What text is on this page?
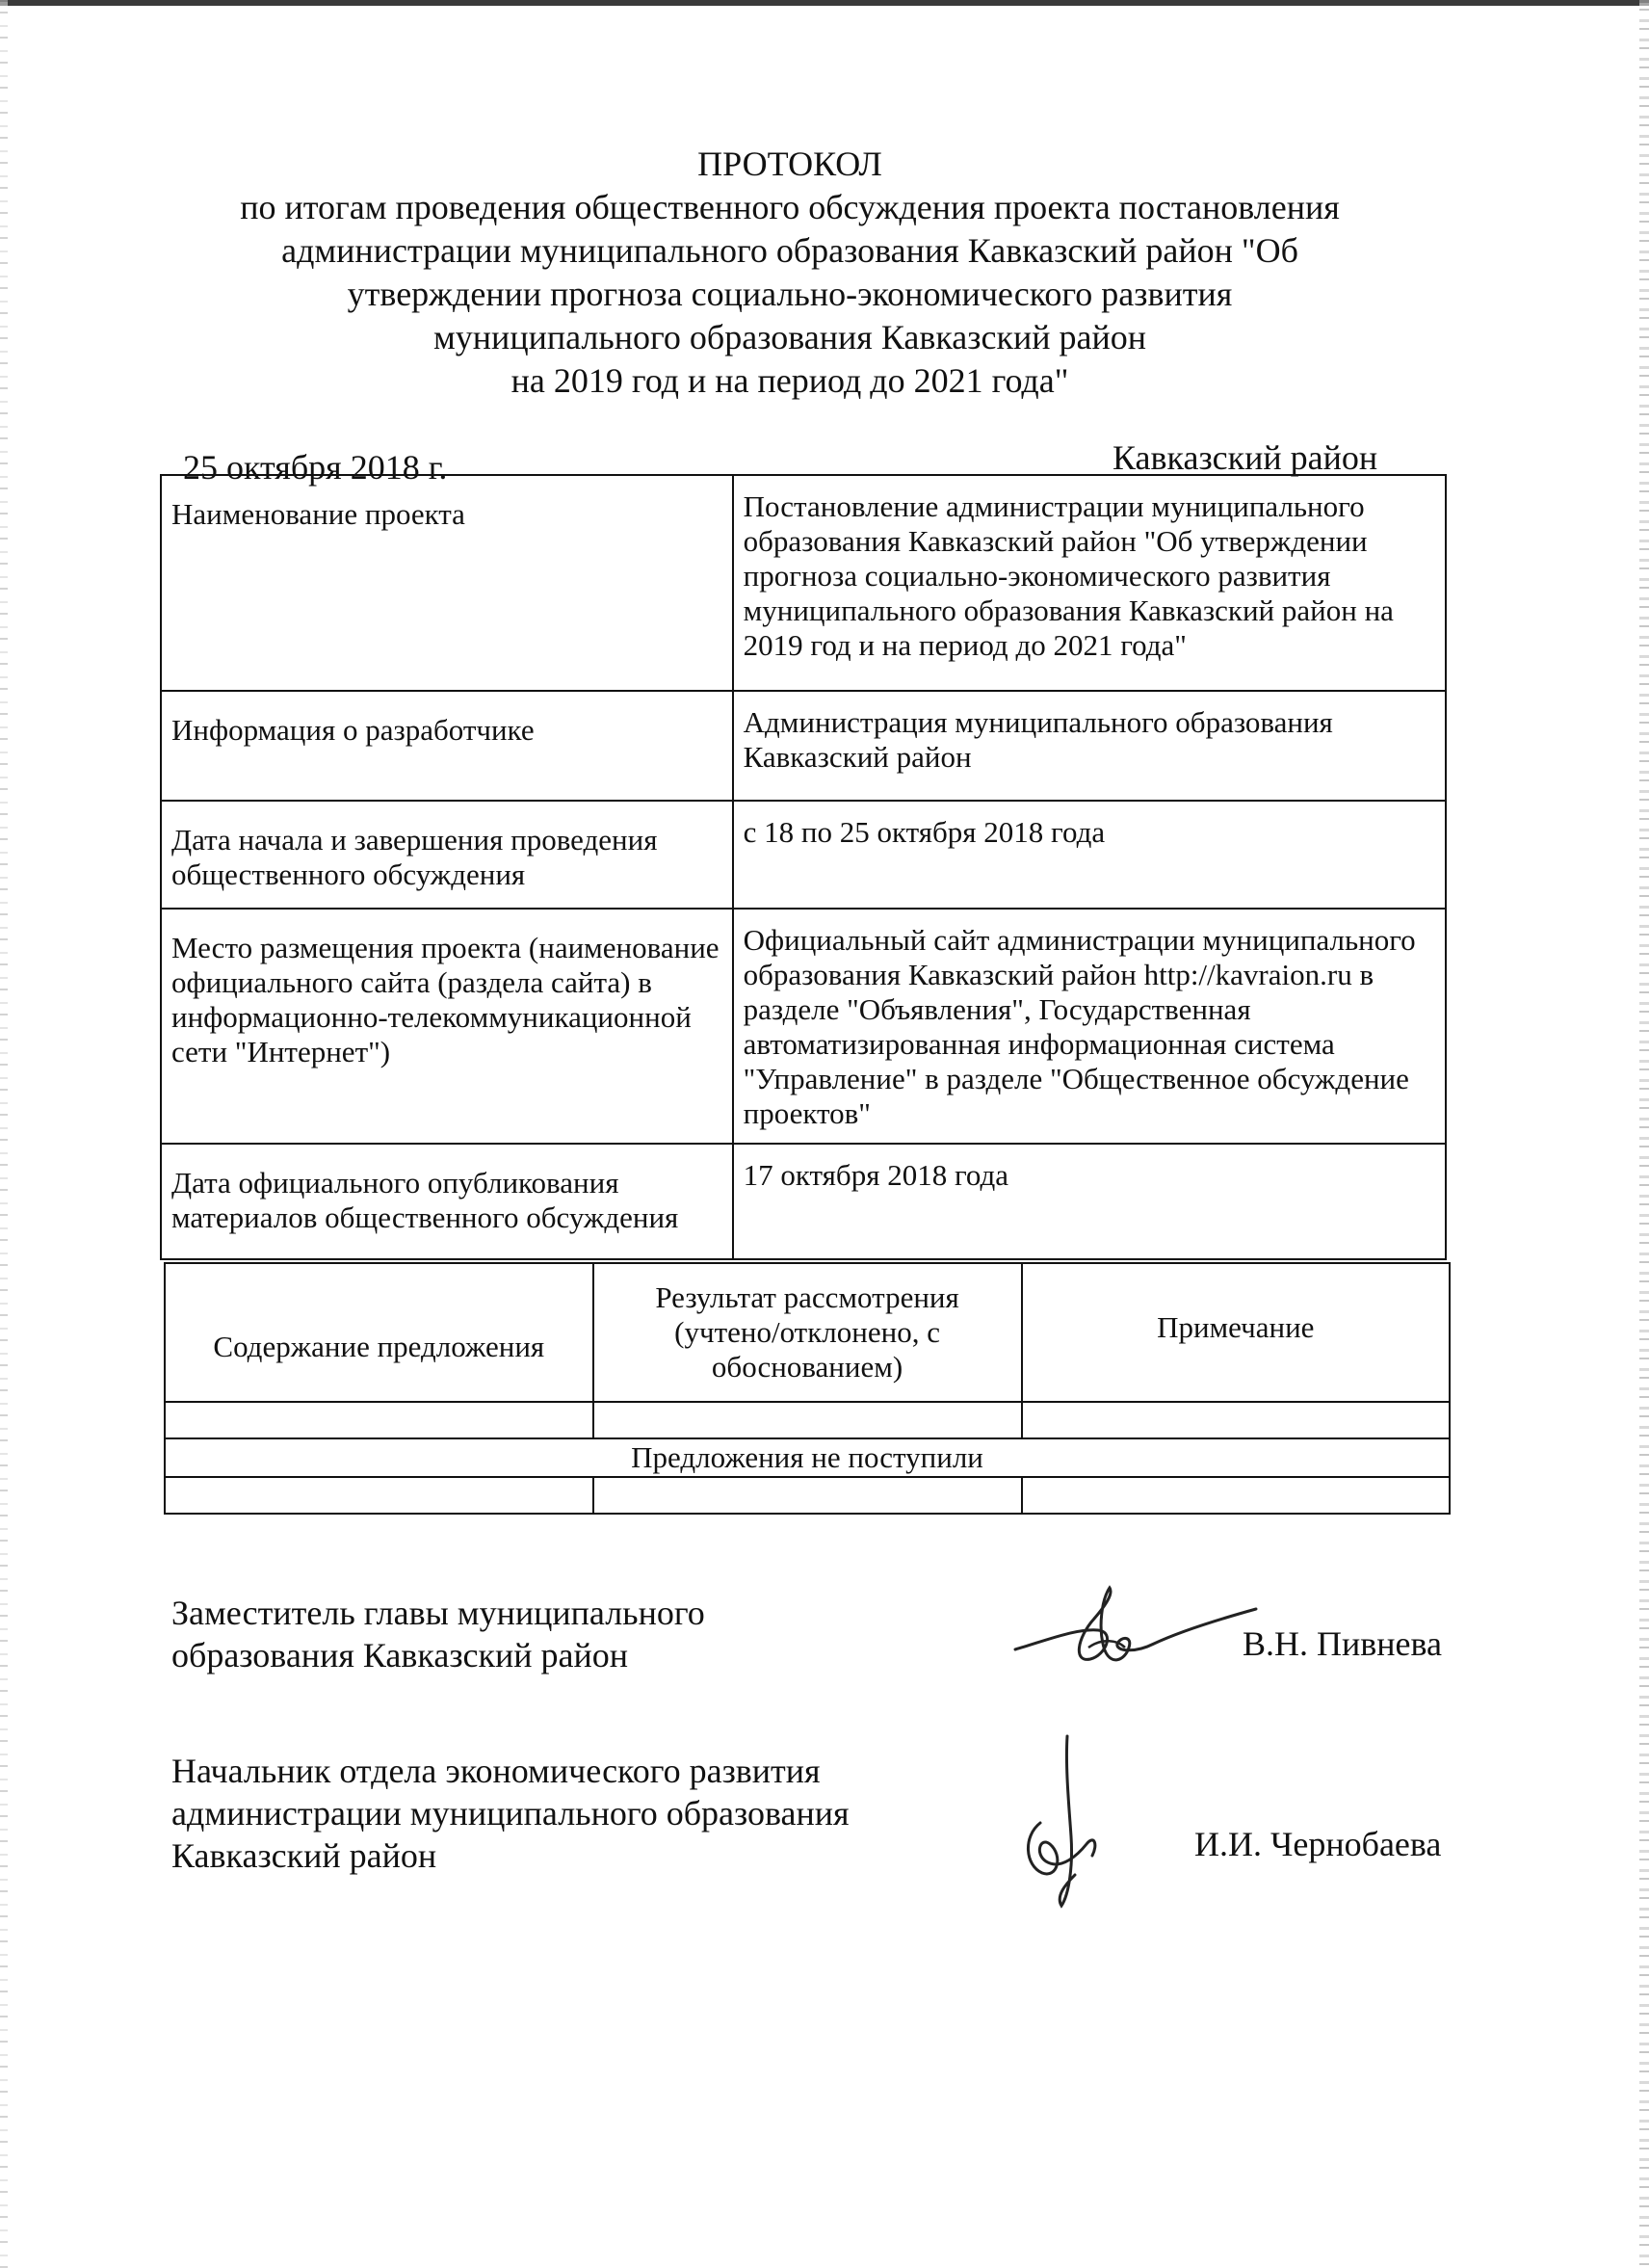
ПРОТОКОЛ
по итогам проведения общественного обсуждения проекта постановления
администрации муниципального образования Кавказский район "Об
утверждении прогноза социально-экономического развития
муниципального образования Кавказский район
на 2019 год и на период до 2021 года"
25 октября 2018 г.	Кавказский район
Наименование проекта	Постановление администрации муниципального образования Кавказский район "Об утверждении прогноза социально-экономического развития муниципального образования Кавказский район на 2019 год и на период до 2021 года"
Информация о разработчике	Администрация муниципального образования Кавказский район
Дата начала и завершения проведения общественного обсуждения	с 18 по 25 октября 2018 года
Место размещения проекта (наименование официального сайта (раздела сайта) в информационно-телекоммуникационной сети "Интернет")	Официальный сайт администрации муниципального образования Кавказский район http://kavraion.ru в разделе "Объявления", Государственная автоматизированная информационная система "Управление" в разделе "Общественное обсуждение проектов"
Дата официального опубликования материалов общественного обсуждения	17 октября 2018 года
Содержание предложения	Результат рассмотрения (учтено/отклонено, с обоснованием)	Примечание

Предложения не поступили		

Заместитель главы муниципального образования Кавказский район	В.Н. Пивнева
Начальник отдела экономического развития администрации муниципального образования Кавказский район	И.И. Чернобаева
